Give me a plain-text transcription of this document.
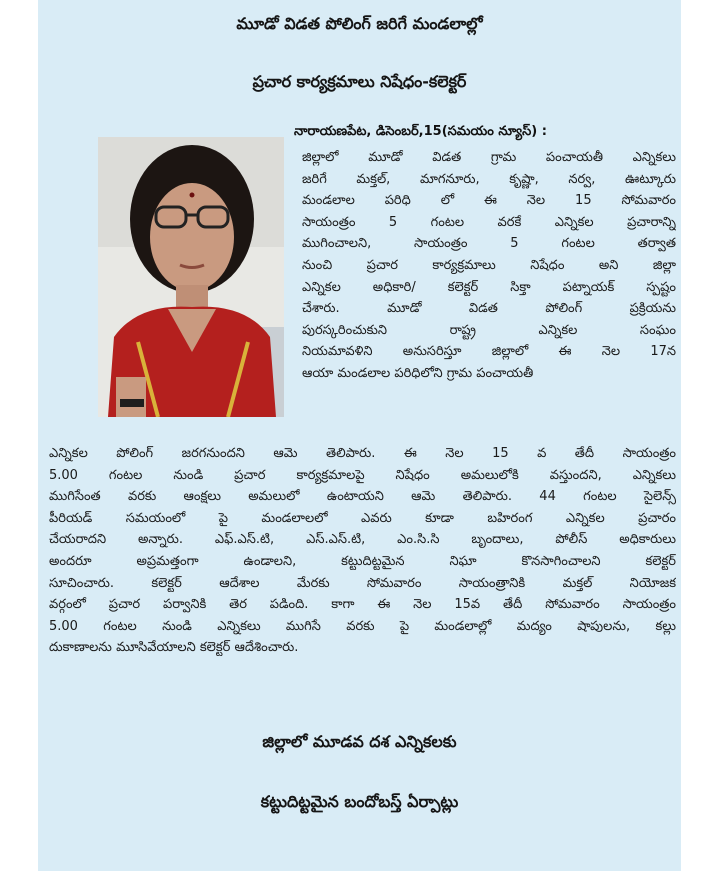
మూడో విడత పోలింగ్ జరిగే మండలాల్లో
ప్రచార కార్యక్రమాలు నిషేధం-కలెక్టర్
నారాయణపేట, డిసెంబర్,15(సమయం న్యూస్) :
జిల్లాలో మూడో విడత గ్రామ పంచాయతీ ఎన్నికలు
జరిగే మక్తల్, మాగనూరు, కృష్ణా, నర్వ, ఊట్కూరు
మండలాల పరిధి లో ఈ నెల 15 సోమవారం
సాయంత్రం 5 గంటల వరకే ఎన్నికల ప్రచారాన్ని
ముగించాలని, సాయంత్రం 5 గంటల తర్వాత
నుంచి ప్రచార కార్యక్రమాలు నిషేధం అని జిల్లా
ఎన్నికల అధికారి/ కలెక్టర్ సిక్తా పట్నాయక్ స్పష్టం
చేశారు. మూడో విడత పోలింగ్ ప్రక్రియను
పురస్కరించుకుని రాష్ట్ర ఎన్నికల సంఘం
నియమావళిని అనుసరిస్తూ జిల్లాలో ఈ నెల 17న
ఆయా మండలాల పరిధిలోని గ్రామ పంచాయతీ
ఎన్నికల పోలింగ్ జరగనుందని ఆమె తెలిపారు. ఈ నెల 15 వ తేదీ సాయంత్రం
5.00 గంటల నుండి ప్రచార కార్యక్రమాలపై నిషేధం అమలులోకి వస్తుందని, ఎన్నికలు
ముగిసేంత వరకు ఆంక్షలు అమలులో ఉంటాయని ఆమె తెలిపారు. 44 గంటల సైలెన్స్
పీరియడ్ సమయంలో పై మండలాలలో ఎవరు కూడా బహిరంగ ఎన్నికల ప్రచారం
చేయరాదని అన్నారు. ఎఫ్.ఎస్.టి, ఎస్.ఎస్.టి, ఎం.సి.సి బృందాలు, పోలీస్ అధికారులు
అందరూ అప్రమత్తంగా ఉండాలని, కట్టుదిట్టమైన నిఘా కొనసాగించాలని కలెక్టర్
సూచించారు. కలెక్టర్ ఆదేశాల మేరకు సోమవారం సాయంత్రానికి మక్తల్ నియోజక
వర్గంలో ప్రచార పర్వానికి తెర పడింది. కాగా ఈ నెల 15వ తేదీ సోమవారం సాయంత్రం
5.00 గంటల నుండి ఎన్నికలు ముగిసే వరకు పై మండలాల్లో మద్యం షాపులను, కల్లు
దుకాణాలను మూసివేయాలని కలెక్టర్ ఆదేశించారు.
జిల్లాలో మూడవ దశ ఎన్నికలకు
కట్టుదిట్టమైన బందోబస్త్ ఏర్పాట్లు
